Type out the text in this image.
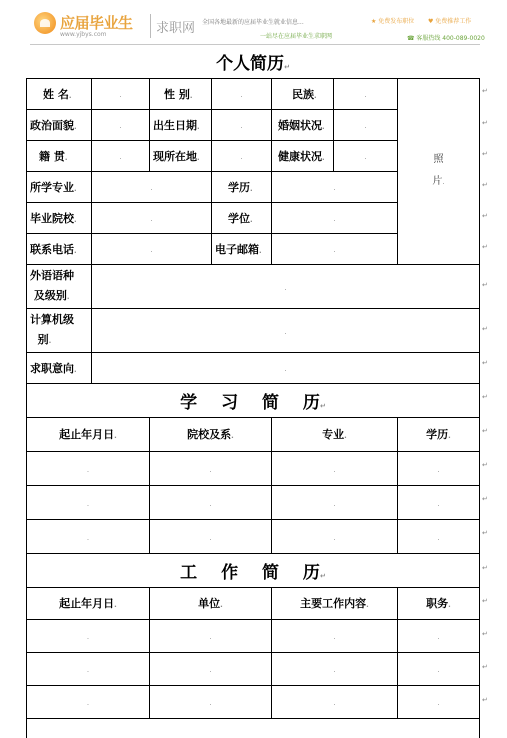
应届毕业生
www.yjbys.com	求职网 全国各地最新的应届毕业生就业信息...
一站尽在应届毕业生求职网
★ 免费发布职位 ♥ 免费推荐工作
☎ 客服热线 400-089-0020
个人简历↵						
姓 名.	.	性 别.	.	民族.	.	照
片.
政治面貌.	.	出生日期.	.	婚姻状况.	.	
籍 贯.	.	现所在地.	.	健康状况.	.	
所学专业.	.		学历.	.		
毕业院校.	.		学位.	.		
联系电话.	.		电子邮箱.	.		
外语语种
及级别.	.					
计算机级
别.	.					
求职意向.	.					
学 习 简 历↵						
起止年月日.		院校及系.		专业.		学历.
.		.		.		.
.		.		.		.
.		.		.		.
工 作 简 历↵						
起止年月日.		单位.		主要工作内容.		职务.
.		.		.		.
.		.		.		.
.		.		.		.

↵
↵
↵
↵
↵
↵
↵
↵
↵
↵
↵
↵
↵
↵
↵
↵
↵
↵
↵
